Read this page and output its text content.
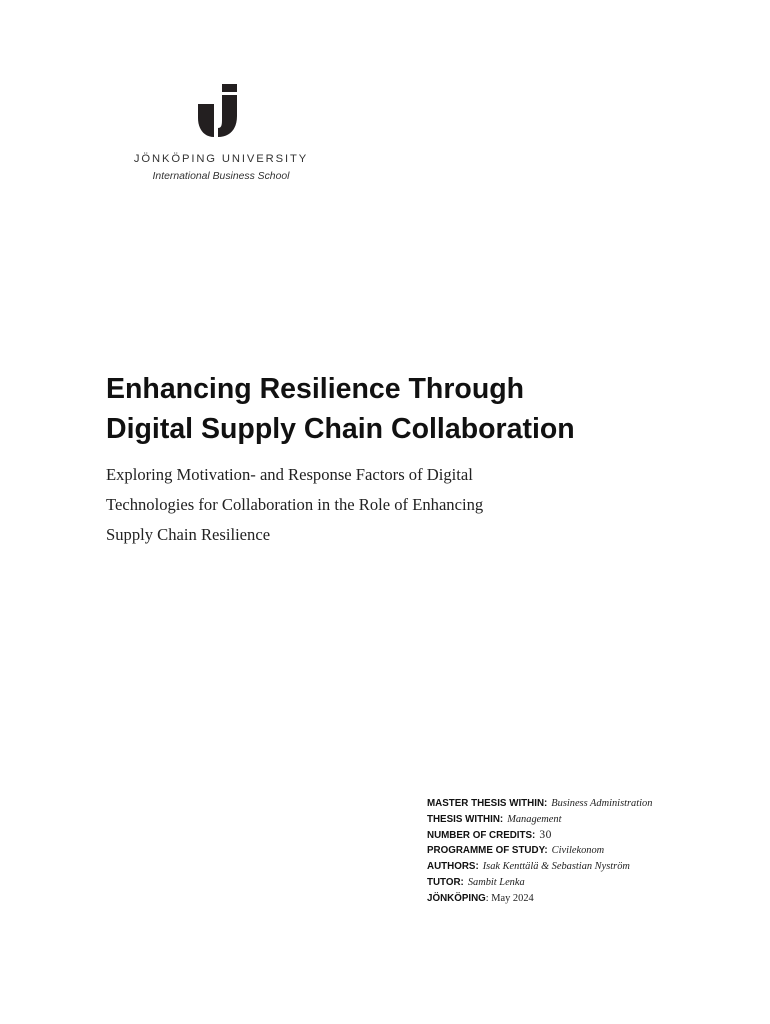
JÖNKÖPING UNIVERSITY
International Business School
Enhancing Resilience Through
Digital Supply Chain Collaboration

Exploring Motivation- and Response Factors of Digital
Technologies for Collaboration in the Role of Enhancing
Supply Chain Resilience

MASTER THESIS WITHIN: Business Administration
THESIS WITHIN: Management
NUMBER OF CREDITS: 30
PROGRAMME OF STUDY: Civilekonom
AUTHORS: Isak Kenttälä & Sebastian Nyström
TUTOR: Sambit Lenka
JÖNKÖPING: May 2024
